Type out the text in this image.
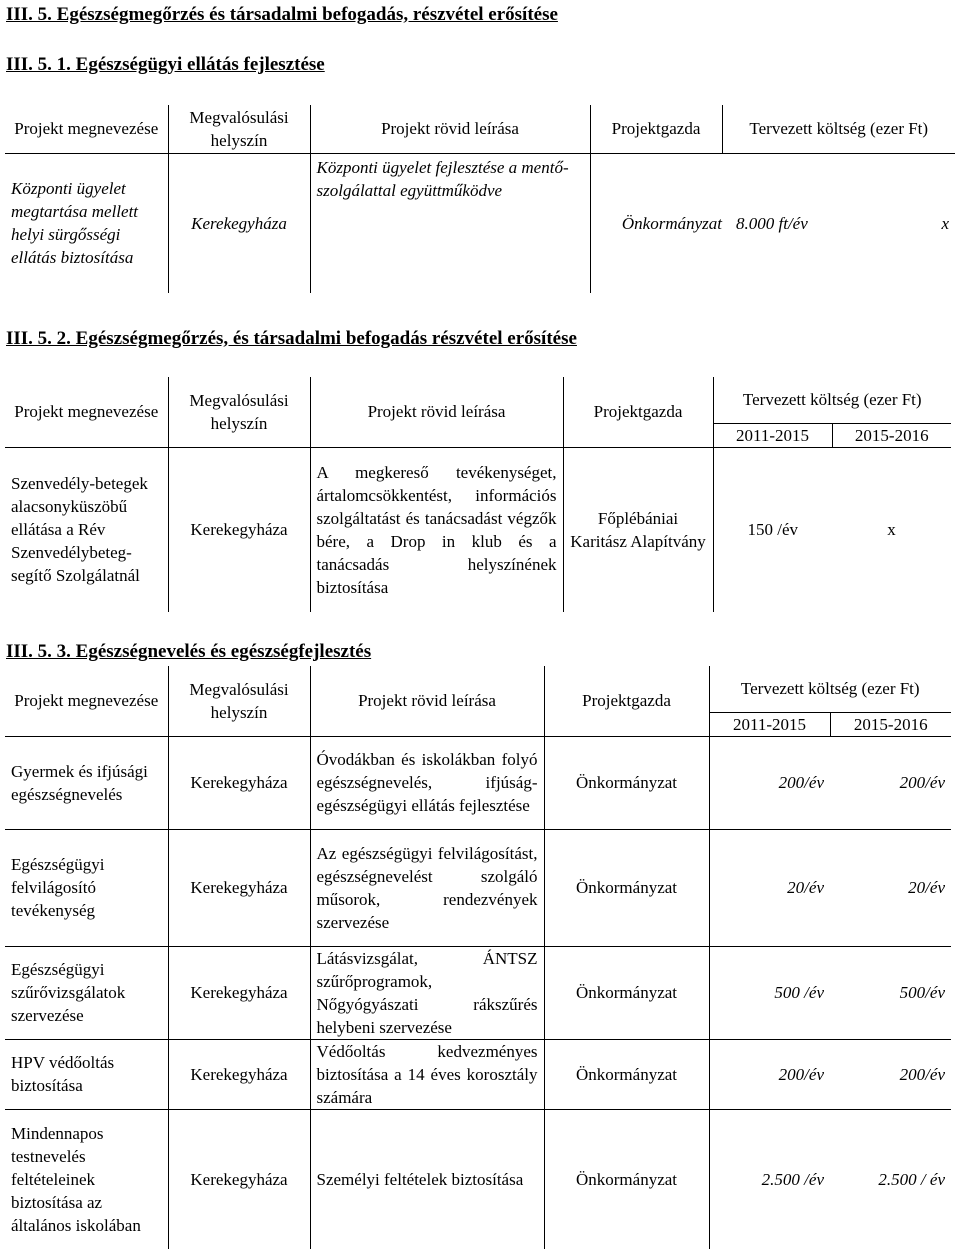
III. 5. Egészségmegőrzés és társadalmi befogadás, részvétel erősítése
III. 5. 1. Egészségügyi ellátás fejlesztése
Projekt megnevezése	Megvalósulási helyszín	Projekt rövid leírása	Projektgazda	Tervezett költség (ezer Ft)
Központi ügyelet megtartása mellett helyi sürgősségi ellátás biztosítása	Kerekegyháza	Központi ügyelet fejlesztése a mentő-szolgálattal együttműködve	Önkormányzat	8.000 ft/év x
III. 5. 2. Egészségmegőrzés, és társadalmi befogadás részvétel erősítése
Projekt megnevezése	Megvalósulási helyszín	Projekt rövid leírása	Projektgazda	Tervezett költség (ezer Ft)	
				2011-2015	2015-2016
Szenvedély-betegek alacsonyküszöbű ellátása a Rév Szenvedélybeteg-segítő Szolgálatnál	Kerekegyháza	A megkereső tevékenységet, ártalomcsökkentést, információs szolgáltatást és tanácsadást végzők bére, a Drop in klub és a tanácsadás helyszínének biztosítása	Főplébániai Karitász Alapítvány	150 /év	x
III. 5. 3. Egészségnevelés és egészségfejlesztés
Projekt megnevezése	Megvalósulási helyszín	Projekt rövid leírása	Projektgazda	Tervezett költség (ezer Ft)	
				2011-2015	2015-2016
Gyermek és ifjúsági egészségnevelés	Kerekegyháza	Óvodákban és iskolákban folyó egészségnevelés, ifjúság-egészségügyi ellátás fejlesztése	Önkormányzat	200/év	200/év
Egészségügyi felvilágosító tevékenység	Kerekegyháza	Az egészségügyi felvilágosítást, egészségnevelést szolgáló műsorok, rendezvények szervezése	Önkormányzat	20/év	20/év
Egészségügyi szűrővizsgálatok szervezése	Kerekegyháza	Látásvizsgálat, ÁNTSZ szűrőprogramok, Nőgyógyászati rákszűrés helybeni szervezése	Önkormányzat	500 /év	500/év
HPV védőoltás biztosítása	Kerekegyháza	Védőoltás kedvezményes biztosítása a 14 éves korosztály számára	Önkormányzat	200/év	200/év
Mindennapos testnevelés feltételeinek biztosítása az általános iskolában	Kerekegyháza	Személyi feltételek biztosítása	Önkormányzat	2.500 /év	2.500 / év
